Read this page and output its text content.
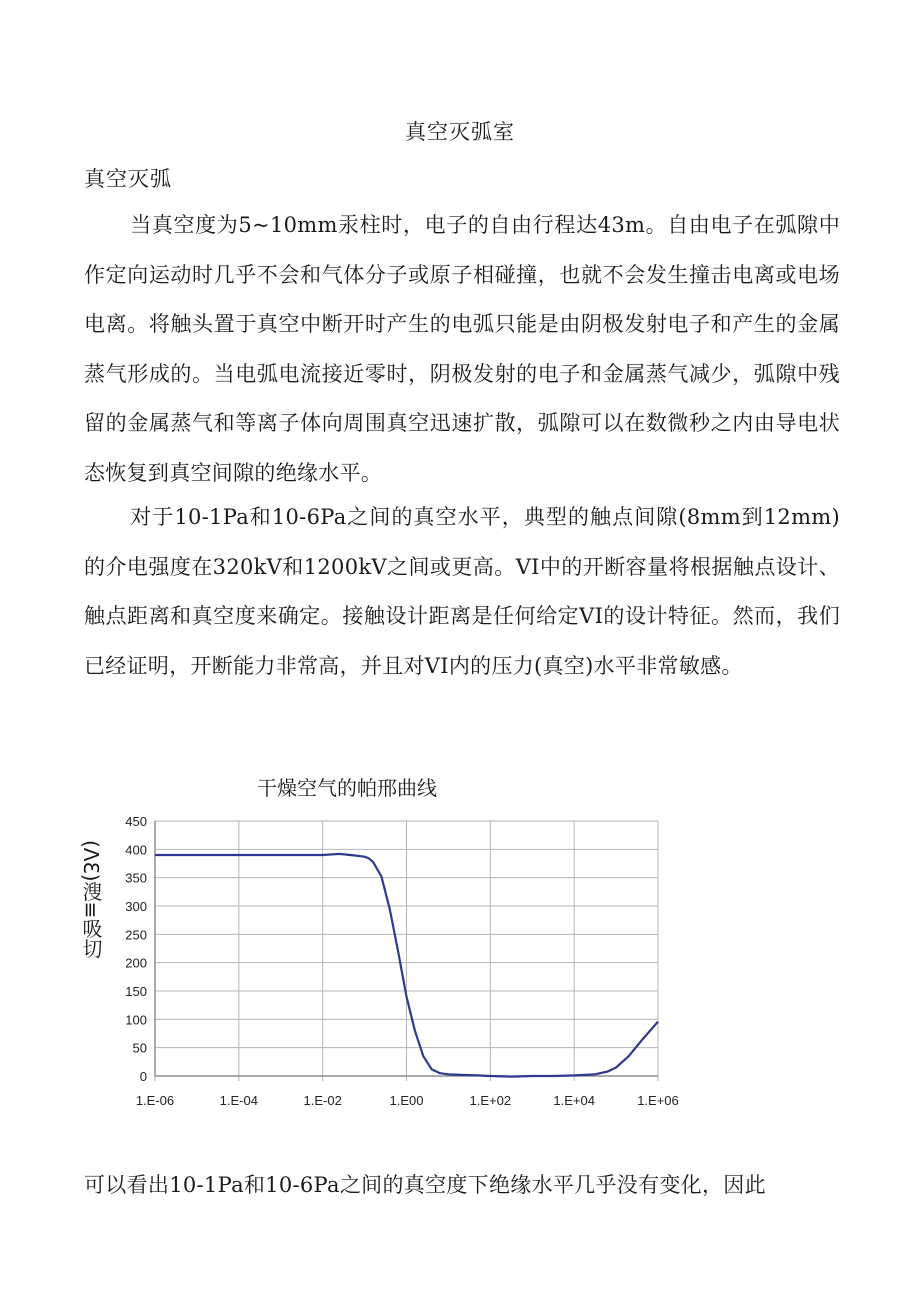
真空灭弧室
真空灭弧

当真空度为5~10mm汞柱时，电子的自由行程达43m。自由电子在弧隙中作定向运动时几乎不会和气体分子或原子相碰撞，也就不会发生撞击电离或电场电离。将触头置于真空中断开时产生的电弧只能是由阴极发射电子和产生的金属蒸气形成的。当电弧电流接近零时，阴极发射的电子和金属蒸气减少，弧隙中残留的金属蒸气和等离子体向周围真空迅速扩散，弧隙可以在数微秒之内由导电状态恢复到真空间隙的绝缘水平。

对于10-1Pa和10-6Pa之间的真空水平，典型的触点间隙(8mm到12mm)的介电强度在320kV和1200kV之间或更高。VI中的开断容量将根据触点设计、触点距离和真空度来确定。接触设计距离是任何给定VI的设计特征。然而，我们已经证明，开断能力非常高，并且对VI内的压力(真空)水平非常敏感。

(ɅƐ)溲≡吸切
干燥空气的帕邢曲线
0
50
100
150
200
250
300
350
400
450
1.E-06	1.E-04	1.E-02	1.E00	1.E+02	1.E+04	1.E+06

可以看出10-1Pa和10-6Pa之间的真空度下绝缘水平几乎没有变化，因此
